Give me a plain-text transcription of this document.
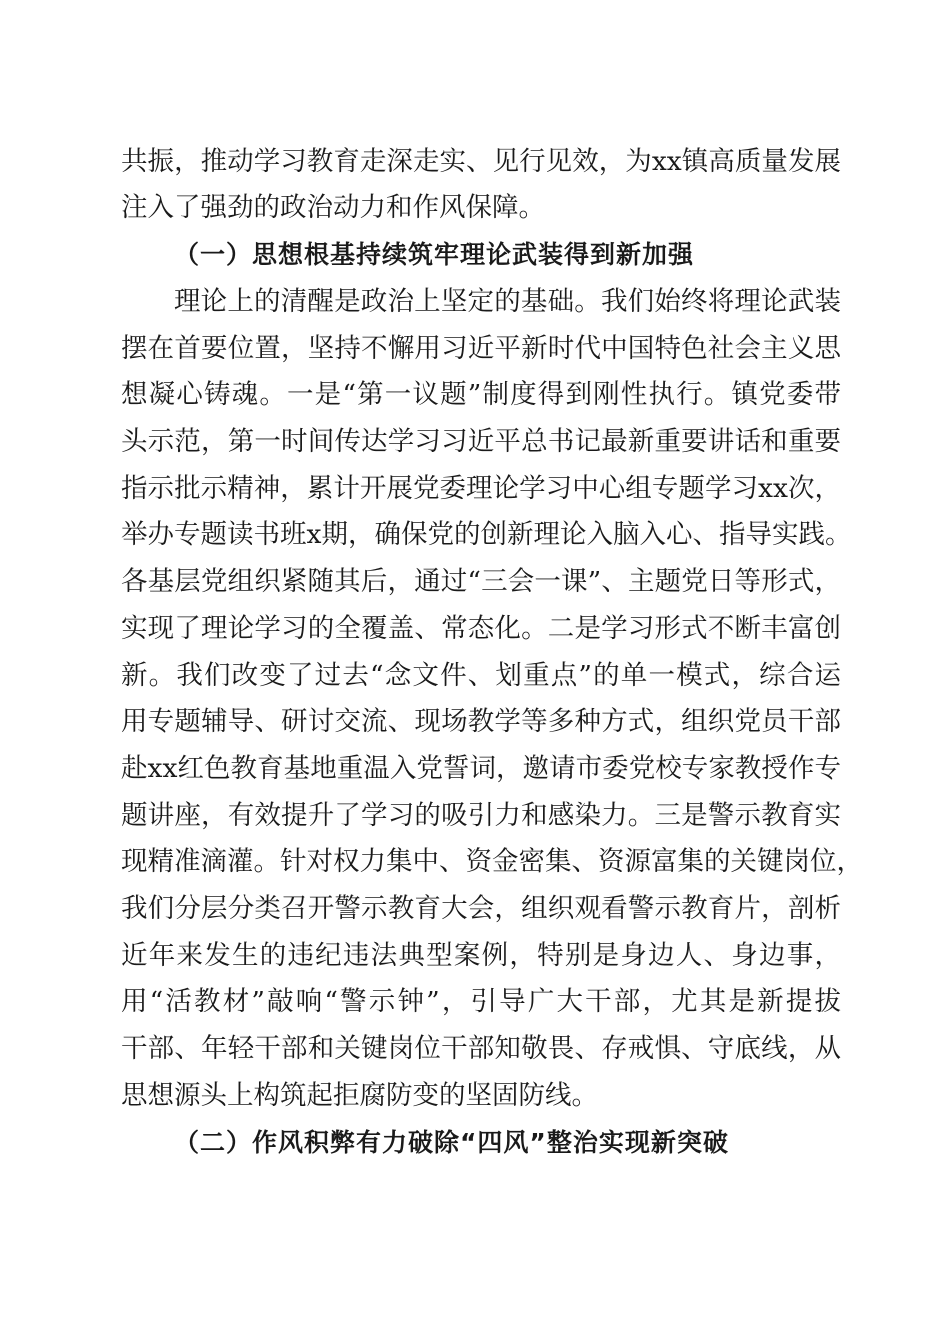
共振，推动学习教育走深走实、见行见效，为xx镇高质量发展
注入了强劲的政治动力和作风保障。
（一）思想根基持续筑牢理论武装得到新加强
理论上的清醒是政治上坚定的基础。我们始终将理论武装
摆在首要位置，坚持不懈用习近平新时代中国特色社会主义思
想凝心铸魂。一是“第一议题”制度得到刚性执行。镇党委带
头示范，第一时间传达学习习近平总书记最新重要讲话和重要
指示批示精神，累计开展党委理论学习中心组专题学习xx次，
举办专题读书班x期，确保党的创新理论入脑入心、指导实践。
各基层党组织紧随其后，通过“三会一课”、主题党日等形式，
实现了理论学习的全覆盖、常态化。二是学习形式不断丰富创
新。我们改变了过去“念文件、划重点”的单一模式，综合运
用专题辅导、研讨交流、现场教学等多种方式，组织党员干部
赴xx红色教育基地重温入党誓词，邀请市委党校专家教授作专
题讲座，有效提升了学习的吸引力和感染力。三是警示教育实
现精准滴灌。针对权力集中、资金密集、资源富集的关键岗位，
我们分层分类召开警示教育大会，组织观看警示教育片，剖析
近年来发生的违纪违法典型案例，特别是身边人、身边事，
用“活教材”敲响“警示钟”，引导广大干部，尤其是新提拔
干部、年轻干部和关键岗位干部知敬畏、存戒惧、守底线，从
思想源头上构筑起拒腐防变的坚固防线。
（二）作风积弊有力破除“四风”整治实现新突破
